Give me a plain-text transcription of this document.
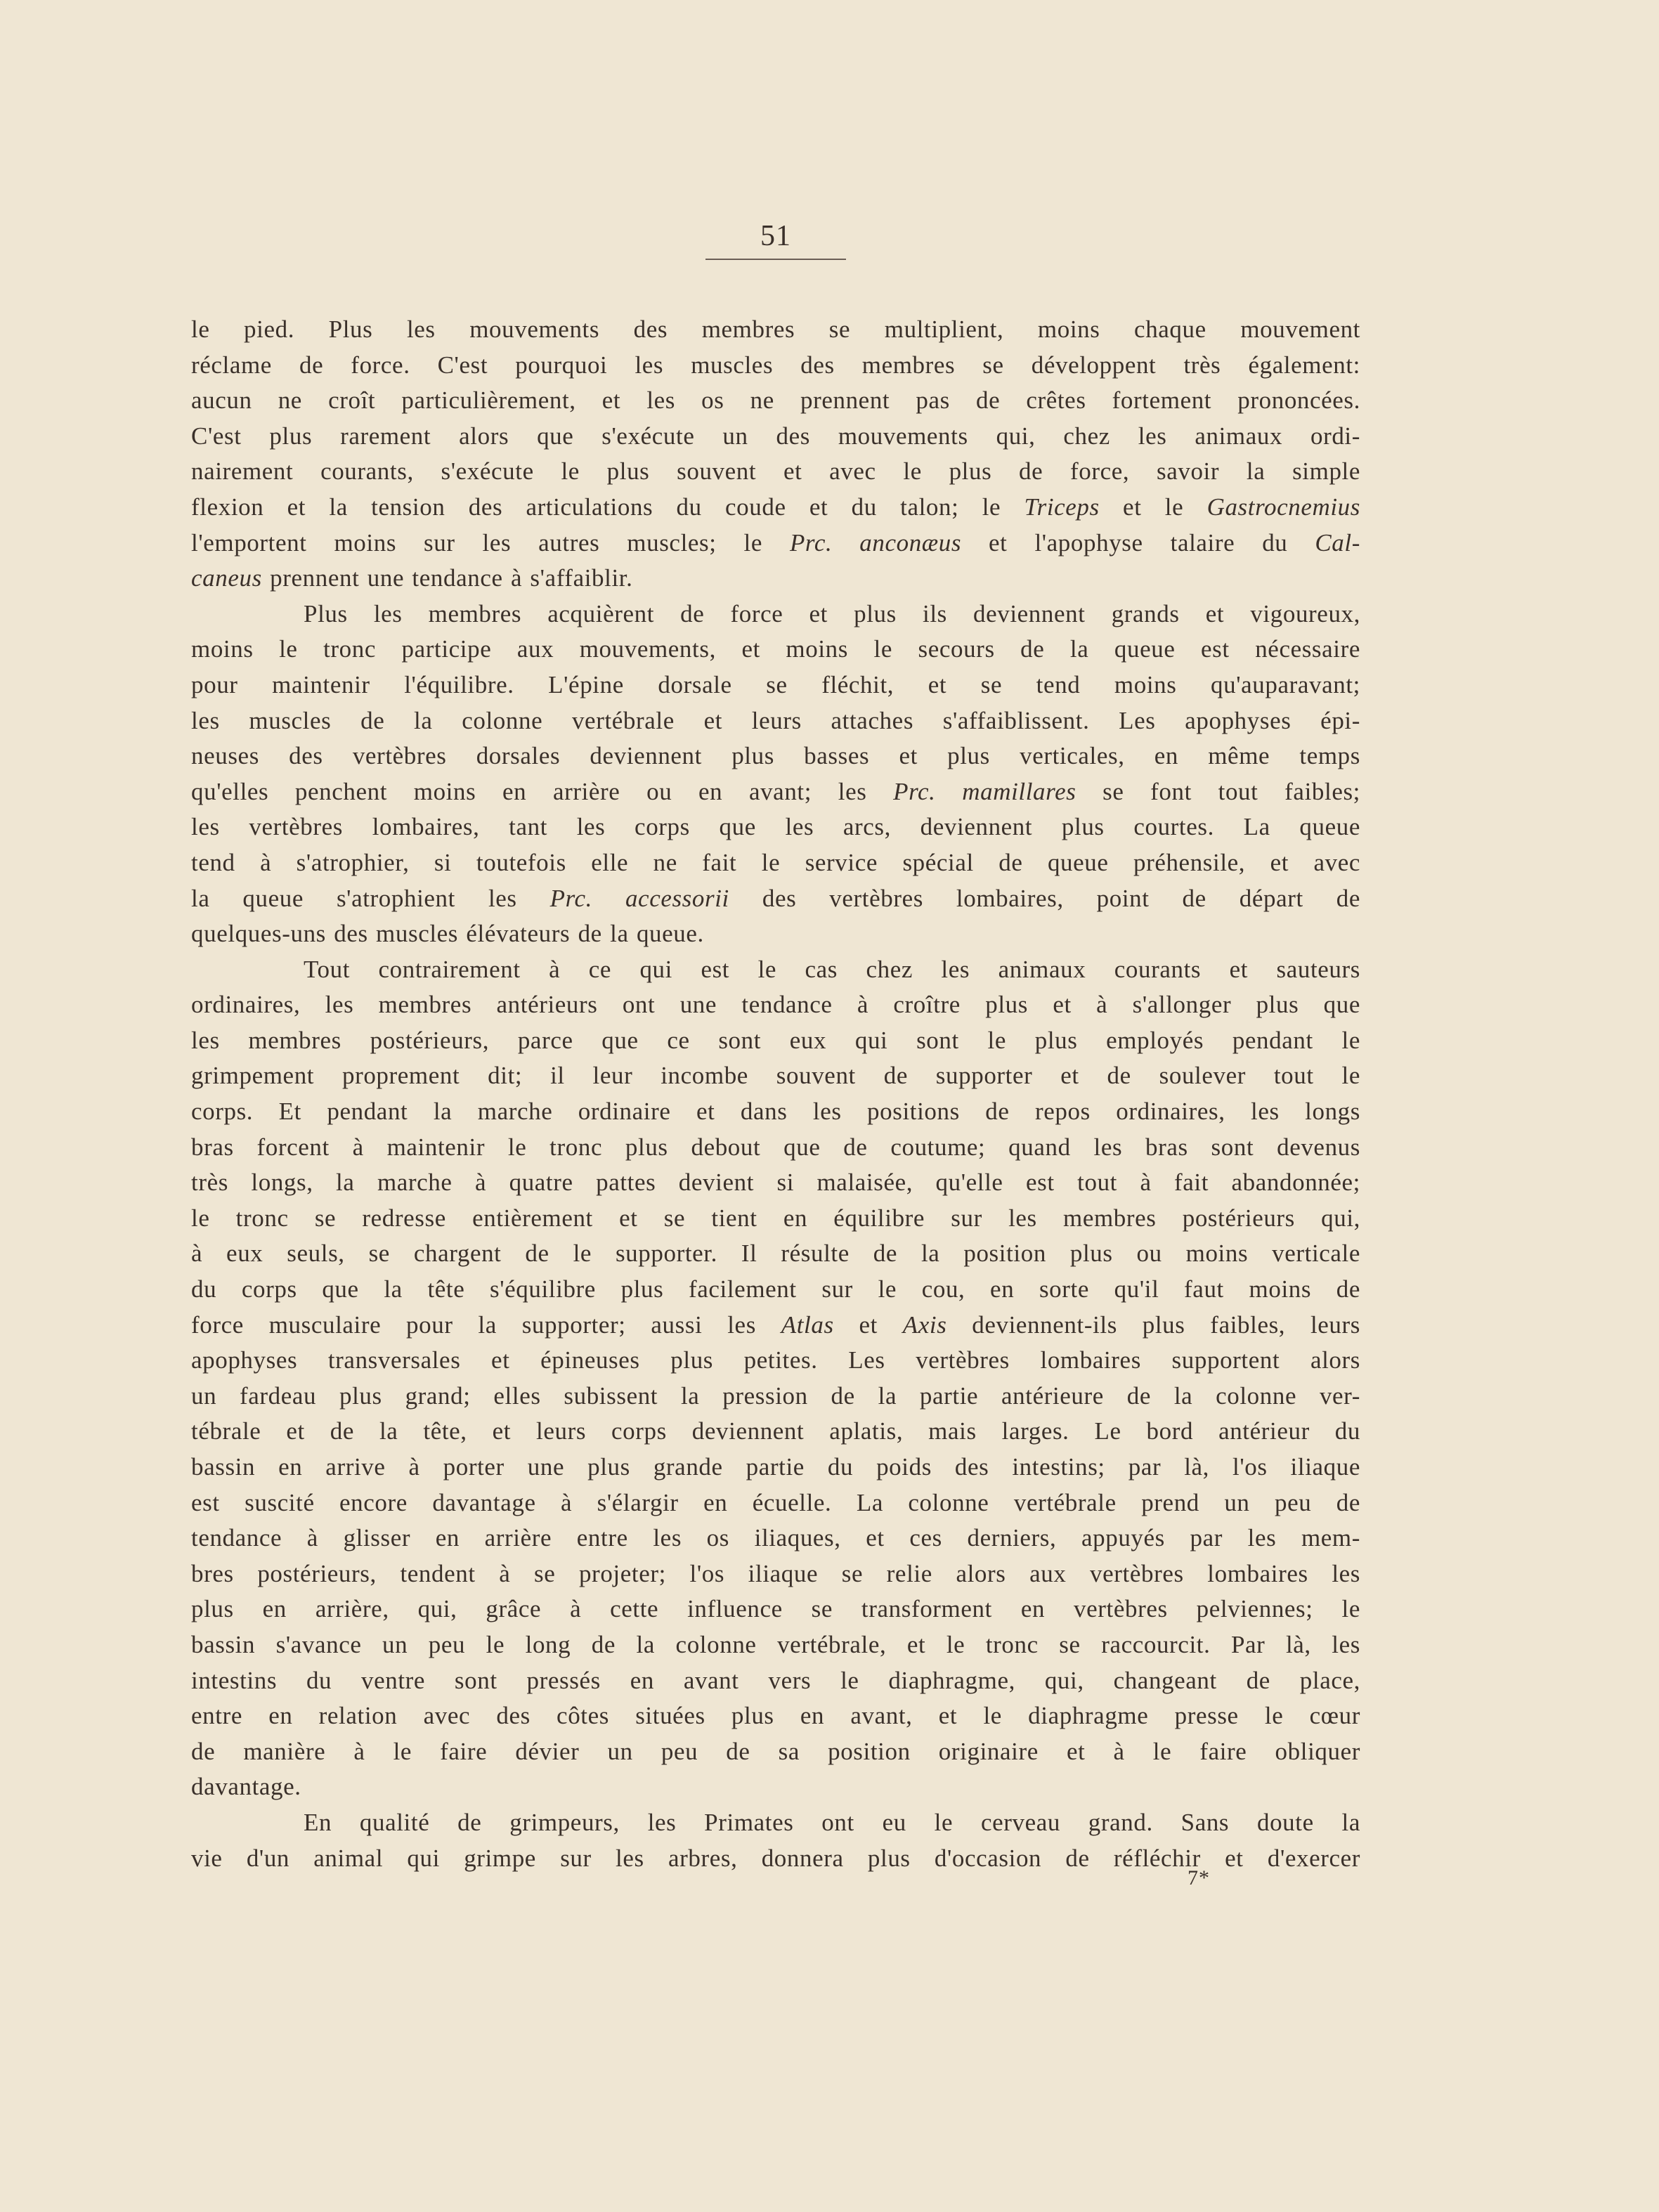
51
le pied. Plus les mouvements des membres se multiplient, moins chaque mouvement
réclame de force. C'est pourquoi les muscles des membres se développent très également:
aucun ne croît particulièrement, et les os ne prennent pas de crêtes fortement prononcées.
C'est plus rarement alors que s'exécute un des mouvements qui, chez les animaux ordi-
nairement courants, s'exécute le plus souvent et avec le plus de force, savoir la simple
flexion et la tension des articulations du coude et du talon; le Triceps et le Gastrocnemius
l'emportent moins sur les autres muscles; le Prc. anconæus et l'apophyse talaire du Cal-
caneus prennent une tendance à s'affaiblir.
Plus les membres acquièrent de force et plus ils deviennent grands et vigoureux,
moins le tronc participe aux mouvements, et moins le secours de la queue est nécessaire
pour maintenir l'équilibre. L'épine dorsale se fléchit, et se tend moins qu'auparavant;
les muscles de la colonne vertébrale et leurs attaches s'affaiblissent. Les apophyses épi-
neuses des vertèbres dorsales deviennent plus basses et plus verticales, en même temps
qu'elles penchent moins en arrière ou en avant; les Prc. mamillares se font tout faibles;
les vertèbres lombaires, tant les corps que les arcs, deviennent plus courtes. La queue
tend à s'atrophier, si toutefois elle ne fait le service spécial de queue préhensile, et avec
la queue s'atrophient les Prc. accessorii des vertèbres lombaires, point de départ de
quelques-uns des muscles élévateurs de la queue.
Tout contrairement à ce qui est le cas chez les animaux courants et sauteurs
ordinaires, les membres antérieurs ont une tendance à croître plus et à s'allonger plus que
les membres postérieurs, parce que ce sont eux qui sont le plus employés pendant le
grimpement proprement dit; il leur incombe souvent de supporter et de soulever tout le
corps. Et pendant la marche ordinaire et dans les positions de repos ordinaires, les longs
bras forcent à maintenir le tronc plus debout que de coutume; quand les bras sont devenus
très longs, la marche à quatre pattes devient si malaisée, qu'elle est tout à fait abandonnée;
le tronc se redresse entièrement et se tient en équilibre sur les membres postérieurs qui,
à eux seuls, se chargent de le supporter. Il résulte de la position plus ou moins verticale
du corps que la tête s'équilibre plus facilement sur le cou, en sorte qu'il faut moins de
force musculaire pour la supporter; aussi les Atlas et Axis deviennent-ils plus faibles, leurs
apophyses transversales et épineuses plus petites. Les vertèbres lombaires supportent alors
un fardeau plus grand; elles subissent la pression de la partie antérieure de la colonne ver-
tébrale et de la tête, et leurs corps deviennent aplatis, mais larges. Le bord antérieur du
bassin en arrive à porter une plus grande partie du poids des intestins; par là, l'os iliaque
est suscité encore davantage à s'élargir en écuelle. La colonne vertébrale prend un peu de
tendance à glisser en arrière entre les os iliaques, et ces derniers, appuyés par les mem-
bres postérieurs, tendent à se projeter; l'os iliaque se relie alors aux vertèbres lombaires les
plus en arrière, qui, grâce à cette influence se transforment en vertèbres pelviennes; le
bassin s'avance un peu le long de la colonne vertébrale, et le tronc se raccourcit. Par là, les
intestins du ventre sont pressés en avant vers le diaphragme, qui, changeant de place,
entre en relation avec des côtes situées plus en avant, et le diaphragme presse le cœur
de manière à le faire dévier un peu de sa position originaire et à le faire obliquer
davantage.
En qualité de grimpeurs, les Primates ont eu le cerveau grand. Sans doute la
vie d'un animal qui grimpe sur les arbres, donnera plus d'occasion de réfléchir et d'exercer
7*
